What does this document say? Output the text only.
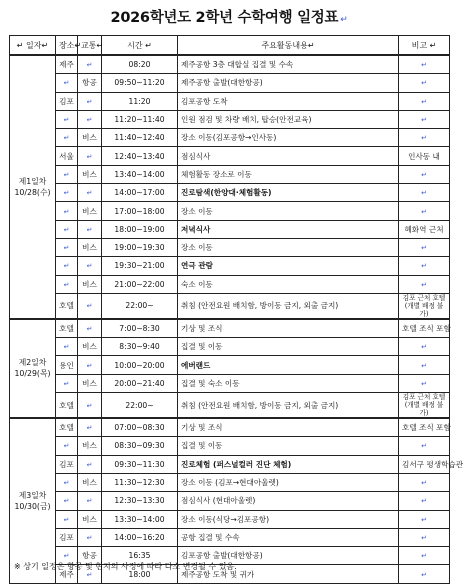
2026학년도 2학년 수학여행 일정표 ↵
↵ 일자↵	장소↵	교통↵	시간 ↵	주요활동내용↵	비고 ↵
제1일차 10/28(수)	제주	↵	08:20	제주공항 3층 대합실 집결 및 수속	↵
	↵	항공	09:50~11:20	제주공항 출발(대한항공)	↵
	김포	↵	11:20	김포공항 도착	↵
	↵	↵	11:20~11:40	인원 점검 및 차량 배치, 탑승(안전교육)	↵
	↵	비스	11:40~12:40	장소 이동(김포공항→인사동)	↵
	서울	↵	12:40~13:40	점심식사	인사동 내
	↵	비스	13:40~14:00	체험활동 장소로 이동	↵
	↵	↵	14:00~17:00	진로탐색(한양대·체험활동)	↵
	↵	비스	17:00~18:00	장소 이동	↵
	↵	↵	18:00~19:00	저녁식사	혜화역 근처
	↵	비스	19:00~19:30	장소 이동	↵
	↵	↵	19:30~21:00	연극 관람	↵
	↵	비스	21:00~22:00	숙소 이동	↵
	호텔	↵	22:00~	취침 (안전요원 배치함, 방이동 금지, 외출 금지)	김포 근처 호텔
(개별 배정 불가)
제2일차 10/29(목)	호텔	↵	7:00~8:30	기상 및 조식	호텔 조식 포함
	↵	비스	8:30~9:40	집결 및 이동	↵
	용인	↵	10:00~20:00	에버랜드	↵
	↵	비스	20:00~21:40	집결 및 숙소 이동	↵
	호텔	↵	22:00~	취침 (안전요원 배치함, 방이동 금지, 외출 금지)	김포 근처 호텔
(개별 배정 불가)
제3일차 10/30(금)	호텔	↵	07:00~08:30	기상 및 조식	호텔 조식 포함
	↵	비스	08:30~09:30	집결 및 이동	↵
	김포	↵	09:30~11:30	진로체험 (퍼스널컬러 진단 체험)	김서구 평생학습관
	↵	비스	11:30~12:30	장소 이동 (김포→현대아울렛)	↵
	↵	↵	12:30~13:30	점심식사 (현대아울렛)	↵
	↵	비스	13:30~14:00	장소 이동(식당→김포공항)	↵
	김포	↵	14:00~16:20	공항 집결 및 수속	↵
	↵	항공	16:35	김포공항 출발(대한항공)	↵
	제주	↵	18:00	제주공항 도착 및 귀가	↵
※ 상기 일정은 항공 및 현지의 사정에 따라 다소 변경될 수 있음.
